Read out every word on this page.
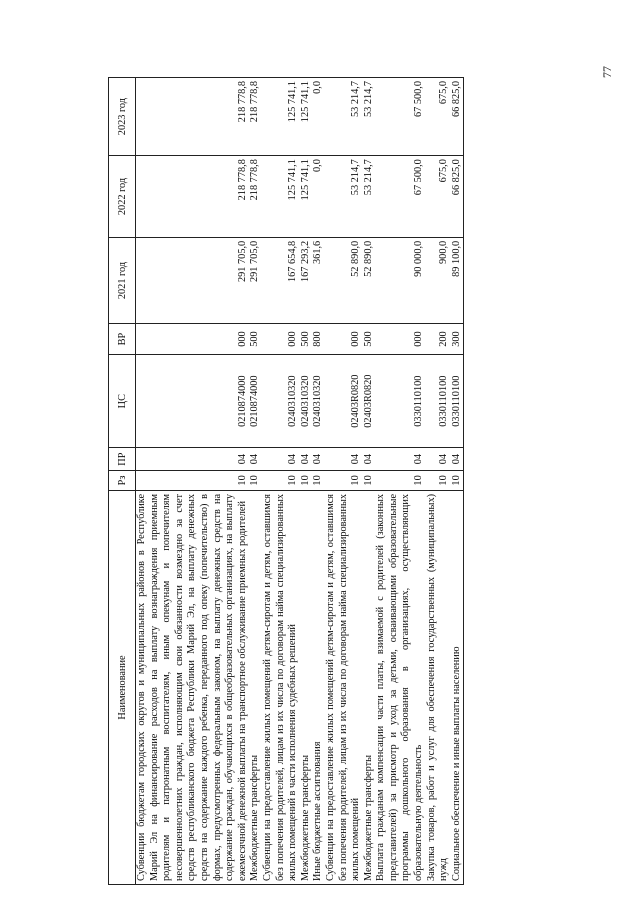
77
Наименование	Рз	ПР	ЦС	ВР	2021 год	2022 год	2023 год
Субвенции бюджетам городских округов и муниципальных районов в Республике Марий Эл на финансирование расходов на выплату вознаграждения приемным родителям и патронатным воспитателям, иным опекунам и попечителям несовершеннолетних граждан, исполняющим свои обязанности возмездно за счет средств республиканского бюджета Республики Марий Эл, на выплату денежных средств на содержание каждого ребенка, переданного под опеку (попечительство) в формах, предусмотренных федеральным законом, на выплату денежных средств на содержание граждан, обучающихся в общеобразовательных организациях, на выплату ежемесячной денежной выплаты на транспортное обслуживание приемных родителей	10	04	0210874000	000	291 705,0	218 778,8	218 778,8
Межбюджетные трансферты	10	04	0210874000	500	291 705,0	218 778,8	218 778,8
Субвенции на предоставление жилых помещений детям-сиротам и детям, оставшимся без попечения родителей, лицам из их числа по договорам найма специализированных жилых помещений в части исполнения судебных решений	10	04	0240310320	000	167 654,8	125 741,1	125 741,1
Межбюджетные трансферты	10	04	0240310320	500	167 293,2	125 741,1	125 741,1
Иные бюджетные ассигнования	10	04	0240310320	800	361,6	0,0	0,0
Субвенции на предоставление жилых помещений детям-сиротам и детям, оставшимся без попечения родителей, лицам из их числа по договорам найма специализированных жилых помещений	10	04	02403R0820	000	52 890,0	53 214,7	53 214,7
Межбюджетные трансферты	10	04	02403R0820	500	52 890,0	53 214,7	53 214,7
Выплата гражданам компенсации части платы, взимаемой с родителей (законных представителей) за присмотр и уход за детьми, осваивающими образовательные программы дошкольного образования в организациях, осуществляющих образовательную деятельность	10	04	0330110100	000	90 000,0	67 500,0	67 500,0
Закупка товаров, работ и услуг для обеспечения государственных (муниципальных) нужд	10	04	0330110100	200	900,0	675,0	675,0
Социальное обеспечение и иные выплаты населению	10	04	0330110100	300	89 100,0	66 825,0	66 825,0
